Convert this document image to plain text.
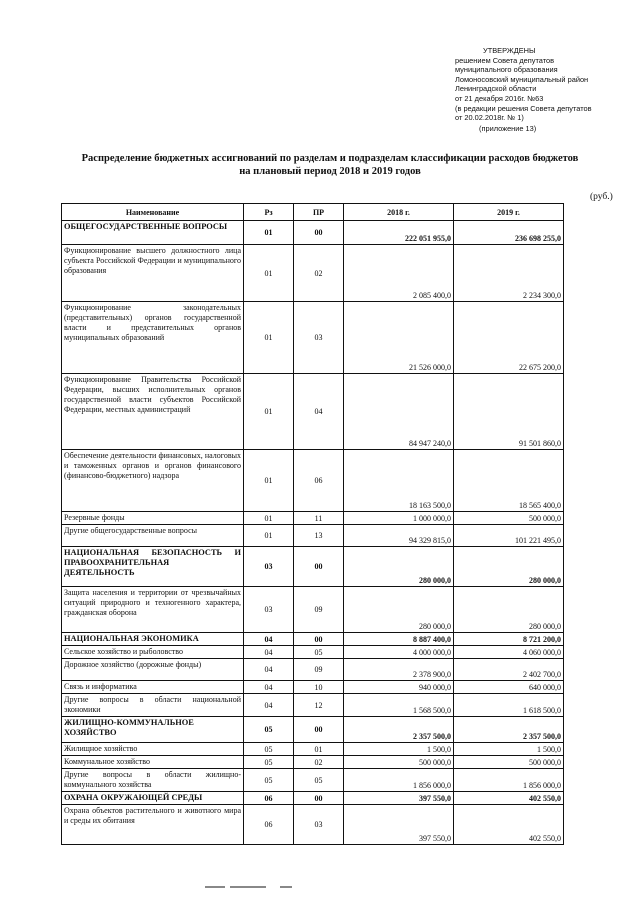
УТВЕРЖДЕНЫ
решением Совета депутатов
муниципального образования
Ломоносовский муниципальный район
Ленинградской области
от 21 декабря 2016г. №63
(в редакции решения Совета депутатов
от 20.02.2018г. № 1)
(приложение 13)
Распределение бюджетных ассигнований по разделам и подразделам классификации расходов бюджетов
на плановый период 2018 и 2019 годов
(руб.)
Наименование	Рз	ПР	2018 г.	2019 г.
ОБЩЕГОСУДАРСТВЕННЫЕ ВОПРОСЫ	01	00	222 051 955,0	236 698 255,0
Функционирование высшего должностного лица субъекта Российской Федерации и муниципального образования	01	02	2 085 400,0	2 234 300,0
Функционирование законодательных (представительных) органов государственной власти и представительных органов муниципальных образований	01	03	21 526 000,0	22 675 200,0
Функционирование Правительства Российской Федерации, высших исполнительных органов государственной власти субъектов Российской Федерации, местных администраций	01	04	84 947 240,0	91 501 860,0
Обеспечение деятельности финансовых, налоговых и таможенных органов и органов финансового (финансово-бюджетного) надзора	01	06	18 163 500,0	18 565 400,0
Резервные фонды	01	11	1 000 000,0	500 000,0
Другие общегосударственные вопросы	01	13	94 329 815,0	101 221 495,0
НАЦИОНАЛЬНАЯ БЕЗОПАСНОСТЬ И ПРАВООХРАНИТЕЛЬНАЯ ДЕЯТЕЛЬНОСТЬ	03	00	280 000,0	280 000,0
Защита населения и территории от чрезвычайных ситуаций природного и техногенного характера, гражданская оборона	03	09	280 000,0	280 000,0
НАЦИОНАЛЬНАЯ ЭКОНОМИКА	04	00	8 887 400,0	8 721 200,0
Сельское хозяйство и рыболовство	04	05	4 000 000,0	4 060 000,0
Дорожное хозяйство (дорожные фонды)	04	09	2 378 900,0	2 402 700,0
Связь и информатика	04	10	940 000,0	640 000,0
Другие вопросы в области национальной экономики	04	12	1 568 500,0	1 618 500,0
ЖИЛИЩНО-КОММУНАЛЬНОЕ ХОЗЯЙСТВО	05	00	2 357 500,0	2 357 500,0
Жилищное хозяйство	05	01	1 500,0	1 500,0
Коммунальное хозяйство	05	02	500 000,0	500 000,0
Другие вопросы в области жилищно-коммунального хозяйства	05	05	1 856 000,0	1 856 000,0
ОХРАНА ОКРУЖАЮЩЕЙ СРЕДЫ	06	00	397 550,0	402 550,0
Охрана объектов растительного и животного мира и среды их обитания	06	03	397 550,0	402 550,0
